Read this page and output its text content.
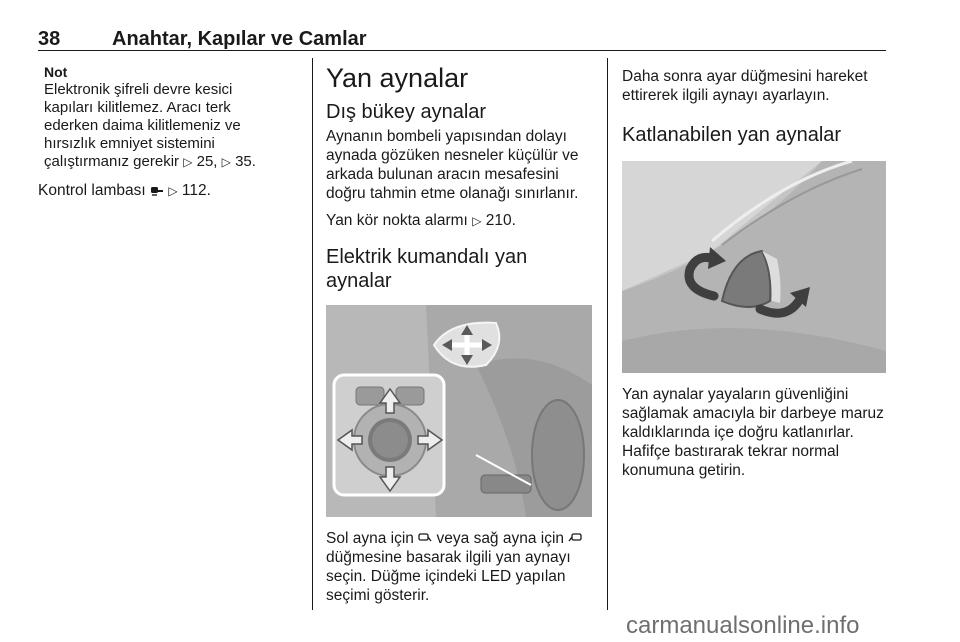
38	Anahtar, Kapılar ve Camlar
Not
Elektronik şifreli devre kesici kapıları kilitlemez. Aracı terk ederken daima kilitlemeniz ve hırsızlık emniyet sistemini çalıştırmanız gerekir ▷ 25, ▷ 35.

Kontrol lambası ▷ 112.

Yan aynalar
Dış bükey aynalar

Aynanın bombeli yapısından dolayı aynada gözüken nesneler küçülür ve arkada bulunan aracın mesafesini doğru tahmin etme olanağı sınırlanır.

Yan kör nokta alarmı ▷ 210.

Elektrik kumandalı yan aynalar

Sol ayna için veya sağ ayna için  düğmesine basarak ilgili yan aynayı seçin. Düğme içindeki LED yapılan seçimi gösterir.

Daha sonra ayar düğmesini hareket ettirerek ilgili aynayı ayarlayın.

Katlanabilen yan aynalar

Yan aynalar yayaların güvenliğini sağlamak amacıyla bir darbeye maruz kaldıklarında içe doğru katlanırlar. Hafifçe bastırarak tekrar normal konumuna getirin.

carmanualsonline.info
